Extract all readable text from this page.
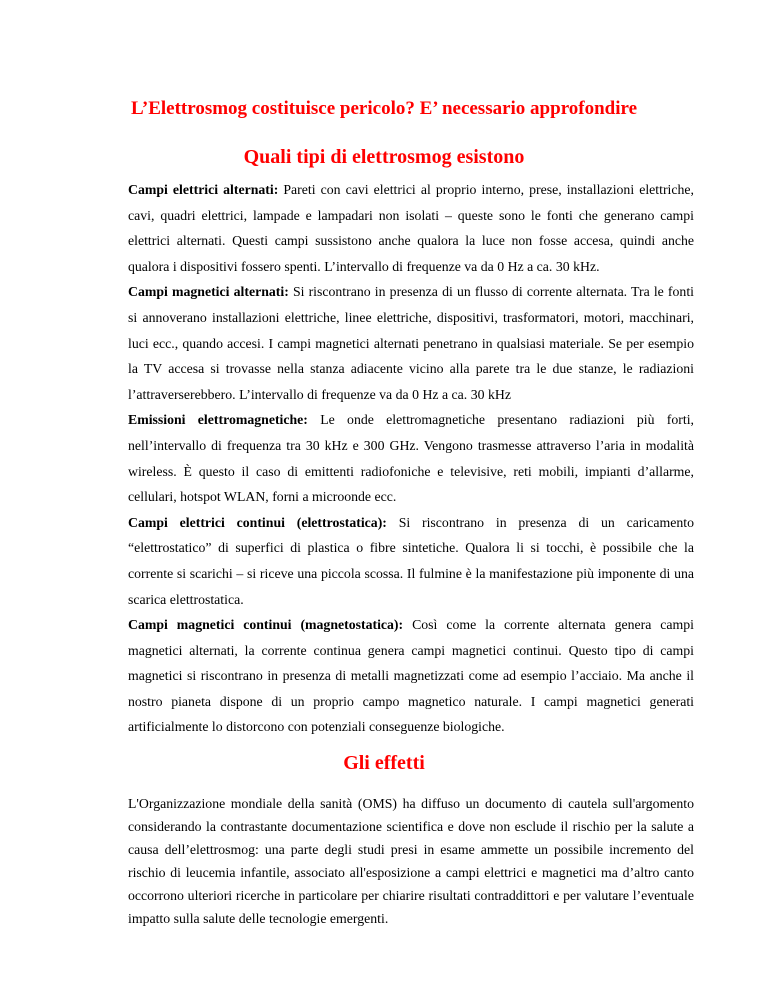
L’Elettrosmog costituisce pericolo? E’ necessario approfondire
Quali tipi di elettrosmog esistono

Campi elettrici alternati: Pareti con cavi elettrici al proprio interno, prese, installazioni elettriche, cavi, quadri elettrici, lampade e lampadari non isolati – queste sono le fonti che generano campi elettrici alternati. Questi campi sussistono anche qualora la luce non fosse accesa, quindi anche qualora i dispositivi fossero spenti. L’intervallo di frequenze va da 0 Hz a ca. 30 kHz.

Campi magnetici alternati: Si riscontrano in presenza di un flusso di corrente alternata. Tra le fonti si annoverano installazioni elettriche, linee elettriche, dispositivi, trasformatori, motori, macchinari, luci ecc., quando accesi. I campi magnetici alternati penetrano in qualsiasi materiale. Se per esempio la TV accesa si trovasse nella stanza adiacente vicino alla parete tra le due stanze, le radiazioni l’attraverserebbero. L’intervallo di frequenze va da 0 Hz a ca. 30 kHz

Emissioni elettromagnetiche: Le onde elettromagnetiche presentano radiazioni più forti, nell’intervallo di frequenza tra 30 kHz e 300 GHz. Vengono trasmesse attraverso l’aria in modalità wireless. È questo il caso di emittenti radiofoniche e televisive, reti mobili, impianti d’allarme, cellulari, hotspot WLAN, forni a microonde ecc.

Campi elettrici continui (elettrostatica): Si riscontrano in presenza di un caricamento “elettrostatico” di superfici di plastica o fibre sintetiche. Qualora li si tocchi, è possibile che la corrente si scarichi – si riceve una piccola scossa. Il fulmine è la manifestazione più imponente di una scarica elettrostatica.

Campi magnetici continui (magnetostatica): Così come la corrente alternata genera campi magnetici alternati, la corrente continua genera campi magnetici continui. Questo tipo di campi magnetici si riscontrano in presenza di metalli magnetizzati come ad esempio l’acciaio. Ma anche il nostro pianeta dispone di un proprio campo magnetico naturale. I campi magnetici generati artificialmente lo distorcono con potenziali conseguenze biologiche.

Gli effetti

L'Organizzazione mondiale della sanità (OMS) ha diffuso un documento di cautela sull'argomento considerando la contrastante documentazione scientifica e dove non esclude il rischio per la salute a causa dell’elettrosmog: una parte degli studi presi in esame ammette un possibile incremento del rischio di leucemia infantile, associato all'esposizione a campi elettrici e magnetici ma d’altro canto occorrono ulteriori ricerche in particolare per chiarire risultati contraddittori e per valutare l’eventuale impatto sulla salute delle tecnologie emergenti.
